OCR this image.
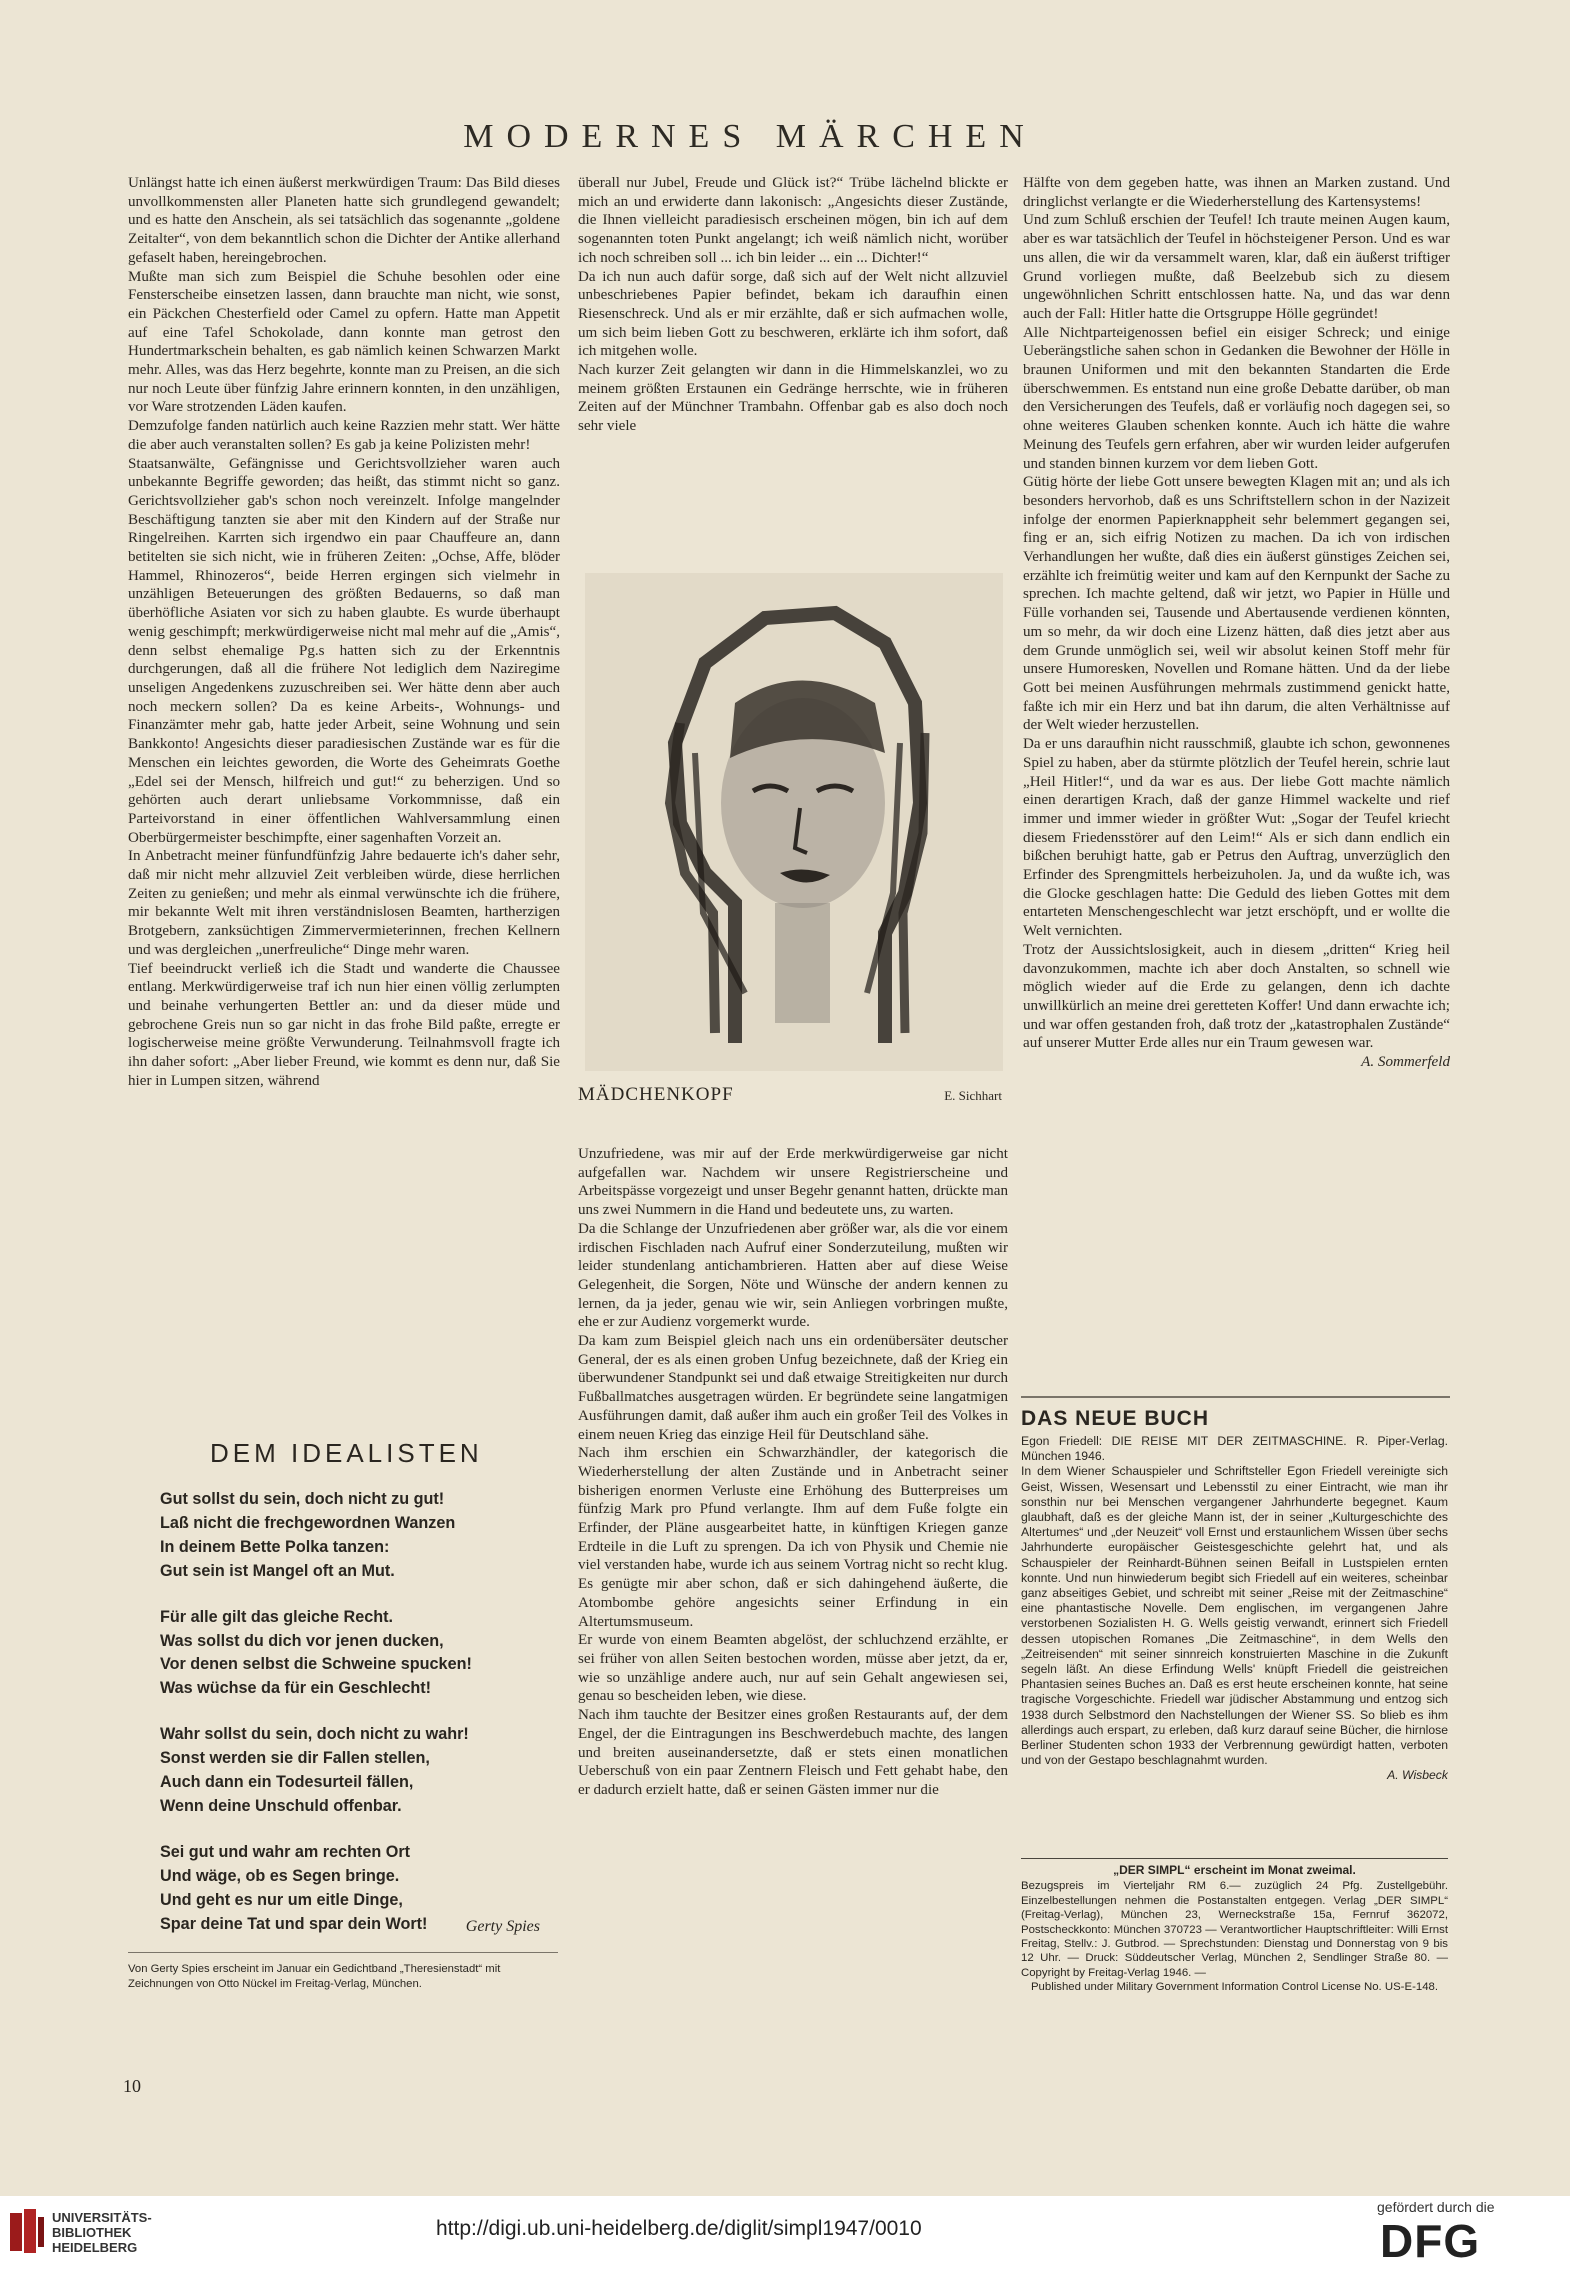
MODERNES MÄRCHEN

Unlängst hatte ich einen äußerst merkwürdigen Traum: Das Bild dieses unvollkommensten aller Planeten hatte sich grundlegend gewandelt; und es hatte den Anschein, als sei tatsächlich das sogenannte „goldene Zeitalter“, von dem bekanntlich schon die Dichter der Antike allerhand gefaselt haben, hereingebrochen.

Mußte man sich zum Beispiel die Schuhe besohlen oder eine Fensterscheibe einsetzen lassen, dann brauchte man nicht, wie sonst, ein Päckchen Chesterfield oder Camel zu opfern. Hatte man Appetit auf eine Tafel Schokolade, dann konnte man getrost den Hundertmarkschein behalten, es gab nämlich keinen Schwarzen Markt mehr. Alles, was das Herz begehrte, konnte man zu Preisen, an die sich nur noch Leute über fünfzig Jahre erinnern konnten, in den unzähligen, vor Ware strotzenden Läden kaufen.

Demzufolge fanden natürlich auch keine Razzien mehr statt. Wer hätte die aber auch veranstalten sollen? Es gab ja keine Polizisten mehr!

Staatsanwälte, Gefängnisse und Gerichtsvollzieher waren auch unbekannte Begriffe geworden; das heißt, das stimmt nicht so ganz. Gerichtsvollzieher gab's schon noch vereinzelt. Infolge mangelnder Beschäftigung tanzten sie aber mit den Kindern auf der Straße nur Ringelreihen. Karrten sich irgendwo ein paar Chauffeure an, dann betitelten sie sich nicht, wie in früheren Zeiten: „Ochse, Affe, blöder Hammel, Rhinozeros“, beide Herren ergingen sich vielmehr in unzähligen Beteuerungen des größten Bedauerns, so daß man überhöfliche Asiaten vor sich zu haben glaubte. Es wurde überhaupt wenig geschimpft; merkwürdigerweise nicht mal mehr auf die „Amis“, denn selbst ehemalige Pg.s hatten sich zu der Erkenntnis durchgerungen, daß all die frühere Not lediglich dem Naziregime unseligen Angedenkens zuzuschreiben sei. Wer hätte denn aber auch noch meckern sollen? Da es keine Arbeits-, Wohnungs- und Finanzämter mehr gab, hatte jeder Arbeit, seine Wohnung und sein Bankkonto! Angesichts dieser paradiesischen Zustände war es für die Menschen ein leichtes geworden, die Worte des Geheimrats Goethe „Edel sei der Mensch, hilfreich und gut!“ zu beherzigen. Und so gehörten auch derart unliebsame Vorkommnisse, daß ein Parteivorstand in einer öffentlichen Wahlversammlung einen Oberbürgermeister beschimpfte, einer sagenhaften Vorzeit an.

In Anbetracht meiner fünfundfünfzig Jahre bedauerte ich's daher sehr, daß mir nicht mehr allzuviel Zeit verbleiben würde, diese herrlichen Zeiten zu genießen; und mehr als einmal verwünschte ich die frühere, mir bekannte Welt mit ihren verständnislosen Beamten, hartherzigen Brotgebern, zanksüchtigen Zimmervermieterinnen, frechen Kellnern und was dergleichen „unerfreuliche“ Dinge mehr waren.

Tief beeindruckt verließ ich die Stadt und wanderte die Chaussee entlang. Merkwürdigerweise traf ich nun hier einen völlig zerlumpten und beinahe verhungerten Bettler an: und da dieser müde und gebrochene Greis nun so gar nicht in das frohe Bild paßte, erregte er logischerweise meine größte Verwunderung. Teilnahmsvoll fragte ich ihn daher sofort: „Aber lieber Freund, wie kommt es denn nur, daß Sie hier in Lumpen sitzen, während

überall nur Jubel, Freude und Glück ist?“ Trübe lächelnd blickte er mich an und erwiderte dann lakonisch: „Angesichts dieser Zustände, die Ihnen vielleicht paradiesisch erscheinen mögen, bin ich auf dem sogenannten toten Punkt angelangt; ich weiß nämlich nicht, worüber ich noch schreiben soll ... ich bin leider ... ein ... Dichter!“

Da ich nun auch dafür sorge, daß sich auf der Welt nicht allzuviel unbeschriebenes Papier befindet, bekam ich daraufhin einen Riesenschreck. Und als er mir erzählte, daß er sich aufmachen wolle, um sich beim lieben Gott zu beschweren, erklärte ich ihm sofort, daß ich mitgehen wolle.

Nach kurzer Zeit gelangten wir dann in die Himmelskanzlei, wo zu meinem größten Erstaunen ein Gedränge herrschte, wie in früheren Zeiten auf der Münchner Trambahn. Offenbar gab es also doch noch sehr viele

MÄDCHENKOPF	E. Sichhart

Unzufriedene, was mir auf der Erde merkwürdigerweise gar nicht aufgefallen war. Nachdem wir unsere Registrierscheine und Arbeitspässe vorgezeigt und unser Begehr genannt hatten, drückte man uns zwei Nummern in die Hand und bedeutete uns, zu warten.

Da die Schlange der Unzufriedenen aber größer war, als die vor einem irdischen Fischladen nach Aufruf einer Sonderzuteilung, mußten wir leider stundenlang antichambrieren. Hatten aber auf diese Weise Gelegenheit, die Sorgen, Nöte und Wünsche der andern kennen zu lernen, da ja jeder, genau wie wir, sein Anliegen vorbringen mußte, ehe er zur Audienz vorgemerkt wurde.

Da kam zum Beispiel gleich nach uns ein ordenübersäter deutscher General, der es als einen groben Unfug bezeichnete, daß der Krieg ein überwundener Standpunkt sei und daß etwaige Streitigkeiten nur durch Fußballmatches ausgetragen würden. Er begründete seine langatmigen Ausführungen damit, daß außer ihm auch ein großer Teil des Volkes in einem neuen Krieg das einzige Heil für Deutschland sähe.

Nach ihm erschien ein Schwarzhändler, der kategorisch die Wiederherstellung der alten Zustände und in Anbetracht seiner bisherigen enormen Verluste eine Erhöhung des Butterpreises um fünfzig Mark pro Pfund verlangte. Ihm auf dem Fuße folgte ein Erfinder, der Pläne ausgearbeitet hatte, in künftigen Kriegen ganze Erdteile in die Luft zu sprengen. Da ich von Physik und Chemie nie viel verstanden habe, wurde ich aus seinem Vortrag nicht so recht klug. Es genügte mir aber schon, daß er sich dahingehend äußerte, die Atombombe gehöre angesichts seiner Erfindung in ein Altertumsmuseum.

Er wurde von einem Beamten abgelöst, der schluchzend erzählte, er sei früher von allen Seiten bestochen worden, müsse aber jetzt, da er, wie so unzählige andere auch, nur auf sein Gehalt angewiesen sei, genau so bescheiden leben, wie diese.

Nach ihm tauchte der Besitzer eines großen Restaurants auf, der dem Engel, der die Eintragungen ins Beschwerdebuch machte, des langen und breiten auseinandersetzte, daß er stets einen monatlichen Ueberschuß von ein paar Zentnern Fleisch und Fett gehabt habe, den er dadurch erzielt hatte, daß er seinen Gästen immer nur die

Hälfte von dem gegeben hatte, was ihnen an Marken zustand. Und dringlichst verlangte er die Wiederherstellung des Kartensystems!

Und zum Schluß erschien der Teufel! Ich traute meinen Augen kaum, aber es war tatsächlich der Teufel in höchsteigener Person. Und es war uns allen, die wir da versammelt waren, klar, daß ein äußerst triftiger Grund vorliegen mußte, daß Beelzebub sich zu diesem ungewöhnlichen Schritt entschlossen hatte. Na, und das war denn auch der Fall: Hitler hatte die Ortsgruppe Hölle gegründet!

Alle Nichtparteigenossen befiel ein eisiger Schreck; und einige Ueberängstliche sahen schon in Gedanken die Bewohner der Hölle in braunen Uniformen und mit den bekannten Standarten die Erde überschwemmen. Es entstand nun eine große Debatte darüber, ob man den Versicherungen des Teufels, daß er vorläufig noch dagegen sei, so ohne weiteres Glauben schenken konnte. Auch ich hätte die wahre Meinung des Teufels gern erfahren, aber wir wurden leider aufgerufen und standen binnen kurzem vor dem lieben Gott.

Gütig hörte der liebe Gott unsere bewegten Klagen mit an; und als ich besonders hervorhob, daß es uns Schriftstellern schon in der Nazizeit infolge der enormen Papierknappheit sehr belemmert gegangen sei, fing er an, sich eifrig Notizen zu machen. Da ich von irdischen Verhandlungen her wußte, daß dies ein äußerst günstiges Zeichen sei, erzählte ich freimütig weiter und kam auf den Kernpunkt der Sache zu sprechen. Ich machte geltend, daß wir jetzt, wo Papier in Hülle und Fülle vorhanden sei, Tausende und Abertausende verdienen könnten, um so mehr, da wir doch eine Lizenz hätten, daß dies jetzt aber aus dem Grunde unmöglich sei, weil wir absolut keinen Stoff mehr für unsere Humoresken, Novellen und Romane hätten. Und da der liebe Gott bei meinen Ausführungen mehrmals zustimmend genickt hatte, faßte ich mir ein Herz und bat ihn darum, die alten Verhältnisse auf der Welt wieder herzustellen.

Da er uns daraufhin nicht rausschmiß, glaubte ich schon, gewonnenes Spiel zu haben, aber da stürmte plötzlich der Teufel herein, schrie laut „Heil Hitler!“, und da war es aus. Der liebe Gott machte nämlich einen derartigen Krach, daß der ganze Himmel wackelte und rief immer und immer wieder in größter Wut: „Sogar der Teufel kriecht diesem Friedensstörer auf den Leim!“ Als er sich dann endlich ein bißchen beruhigt hatte, gab er Petrus den Auftrag, unverzüglich den Erfinder des Sprengmittels herbeizuholen. Ja, und da wußte ich, was die Glocke geschlagen hatte: Die Geduld des lieben Gottes mit dem entarteten Menschengeschlecht war jetzt erschöpft, und er wollte die Welt vernichten.

Trotz der Aussichtslosigkeit, auch in diesem „dritten“ Krieg heil davonzukommen, machte ich aber doch Anstalten, so schnell wie möglich wieder auf die Erde zu gelangen, denn ich dachte unwillkürlich an meine drei geretteten Koffer! Und dann erwachte ich; und war offen gestanden froh, daß trotz der „katastrophalen Zustände“ auf unserer Mutter Erde alles nur ein Traum gewesen war.

A. Sommerfeld

DEM IDEALISTEN
Gut sollst du sein, doch nicht zu gut!
Laß nicht die frechgewordnen Wanzen
In deinem Bette Polka tanzen:
Gut sein ist Mangel oft an Mut.
Für alle gilt das gleiche Recht.
Was sollst du dich vor jenen ducken,
Vor denen selbst die Schweine spucken!
Was wüchse da für ein Geschlecht!
Wahr sollst du sein, doch nicht zu wahr!
Sonst werden sie dir Fallen stellen,
Auch dann ein Todesurteil fällen,
Wenn deine Unschuld offenbar.
Sei gut und wahr am rechten Ort
Und wäge, ob es Segen bringe.
Und geht es nur um eitle Dinge,
Spar deine Tat und spar dein Wort!	Gerty Spies
Von Gerty Spies erscheint im Januar ein Gedichtband „Theresienstadt“ mit Zeichnungen von Otto Nückel im Freitag-Verlag, München.
DAS NEUE BUCH

Egon Friedell: DIE REISE MIT DER ZEITMASCHINE. R. Piper-Verlag. München 1946.

In dem Wiener Schauspieler und Schriftsteller Egon Friedell vereinigte sich Geist, Wissen, Wesensart und Lebensstil zu einer Eintracht, wie man ihr sonsthin nur bei Menschen vergangener Jahrhunderte begegnet. Kaum glaubhaft, daß es der gleiche Mann ist, der in seiner „Kulturgeschichte des Altertumes“ und „der Neuzeit“ voll Ernst und erstaunlichem Wissen über sechs Jahrhunderte europäischer Geistesgeschichte gelehrt hat, und als Schauspieler der Reinhardt-Bühnen seinen Beifall in Lustspielen ernten konnte. Und nun hinwiederum begibt sich Friedell auf ein weiteres, scheinbar ganz abseitiges Gebiet, und schreibt mit seiner „Reise mit der Zeitmaschine“ eine phantastische Novelle. Dem englischen, im vergangenen Jahre verstorbenen Sozialisten H. G. Wells geistig verwandt, erinnert sich Friedell dessen utopischen Romanes „Die Zeitmaschine“, in dem Wells den „Zeitreisenden“ mit seiner sinnreich konstruierten Maschine in die Zukunft segeln läßt. An diese Erfindung Wells' knüpft Friedell die geistreichen Phantasien seines Buches an. Daß es erst heute erscheinen konnte, hat seine tragische Vorgeschichte. Friedell war jüdischer Abstammung und entzog sich 1938 durch Selbstmord den Nachstellungen der Wiener SS. So blieb es ihm allerdings auch erspart, zu erleben, daß kurz darauf seine Bücher, die hirnlose Berliner Studenten schon 1933 der Verbrennung gewürdigt hatten, verboten und von der Gestapo beschlagnahmt wurden.

A. Wisbeck

„DER SIMPL“ erscheint im Monat zweimal.
Bezugspreis im Vierteljahr RM 6.— zuzüglich 24 Pfg. Zustellgebühr. Einzelbestellungen nehmen die Postanstalten entgegen. Verlag „DER SIMPL“ (Freitag-Verlag), München 23, Werneckstraße 15a, Fernruf 362072, Postscheckkonto: München 370723 — Verantwortlicher Hauptschriftleiter: Willi Ernst Freitag, Stellv.: J. Gutbrod. — Sprechstunden: Dienstag und Donnerstag von 9 bis 12 Uhr. — Druck: Süddeutscher Verlag, München 2, Sendlinger Straße 80. — Copyright by Freitag-Verlag 1946. —
Published under Military Government Information Control License No. US-E-148.
10
UNIVERSITÄTS-
BIBLIOTHEK
HEIDELBERG
http://digi.ub.uni-heidelberg.de/diglit/simpl1947/0010
gefördert durch die
DFG
